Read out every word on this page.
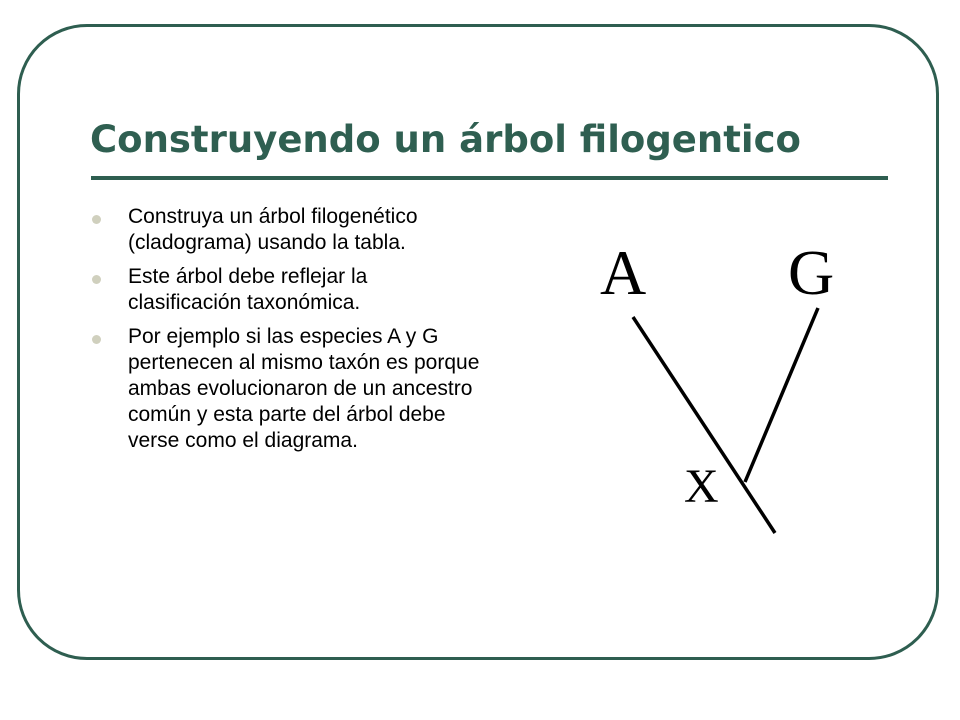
Construyendo un árbol filogentico
Construya un árbol filogenético (cladograma) usando la tabla.
Este árbol debe reflejar la clasificación taxonómica.
Por ejemplo si las especies A y G pertenecen al mismo taxón es porque ambas evolucionaron de un ancestro común y esta parte del árbol debe verse como el diagrama.
A G
X
